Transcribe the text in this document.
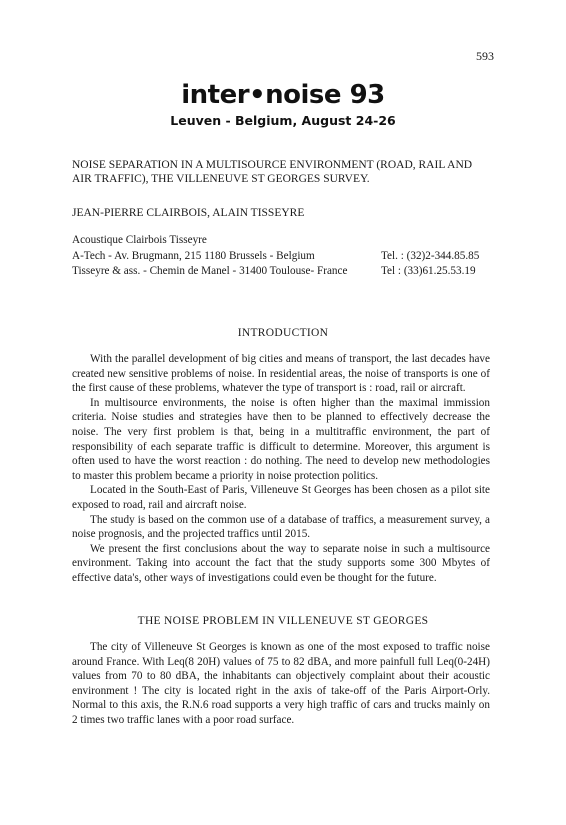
593
inter•noise 93
Leuven - Belgium, August 24-26
NOISE SEPARATION IN A MULTISOURCE ENVIRONMENT (ROAD, RAIL AND AIR TRAFFIC), THE VILLENEUVE ST GEORGES SURVEY.
JEAN-PIERRE CLAIRBOIS, ALAIN TISSEYRE
Acoustique Clairbois Tisseyre
A-Tech - Av. Brugmann, 215 1180 Brussels - Belgium	Tel. : (32)2-344.85.85
Tisseyre & ass. - Chemin de Manel - 31400 Toulouse- France	Tel : (33)61.25.53.19
INTRODUCTION

With the parallel development of big cities and means of transport, the last decades have created new sensitive problems of noise. In residential areas, the noise of transports is one of the first cause of these problems, whatever the type of transport is : road, rail or aircraft.

In multisource environments, the noise is often higher than the maximal immission criteria. Noise studies and strategies have then to be planned to effectively decrease the noise. The very first problem is that, being in a multitraffic environment, the part of responsibility of each separate traffic is difficult to determine. Moreover, this argument is often used to have the worst reaction : do nothing. The need to develop new methodologies to master this problem became a priority in noise protection politics.

Located in the South-East of Paris, Villeneuve St Georges has been chosen as a pilot site exposed to road, rail and aircraft noise.

The study is based on the common use of a database of traffics, a measurement survey, a noise prognosis, and the projected traffics until 2015.

We present the first conclusions about the way to separate noise in such a multisource environment. Taking into account the fact that the study supports some 300 Mbytes of effective data's, other ways of investigations could even be thought for the future.

THE NOISE PROBLEM IN VILLENEUVE ST GEORGES

The city of Villeneuve St Georges is known as one of the most exposed to traffic noise around France. With Leq(8 20H) values of 75 to 82 dBA, and more painfull full Leq(0-24H) values from 70 to 80 dBA, the inhabitants can objectively complaint about their acoustic environment ! The city is located right in the axis of take-off of the Paris Airport-Orly. Normal to this axis, the R.N.6 road supports a very high traffic of cars and trucks mainly on 2 times two traffic lanes with a poor road surface.
